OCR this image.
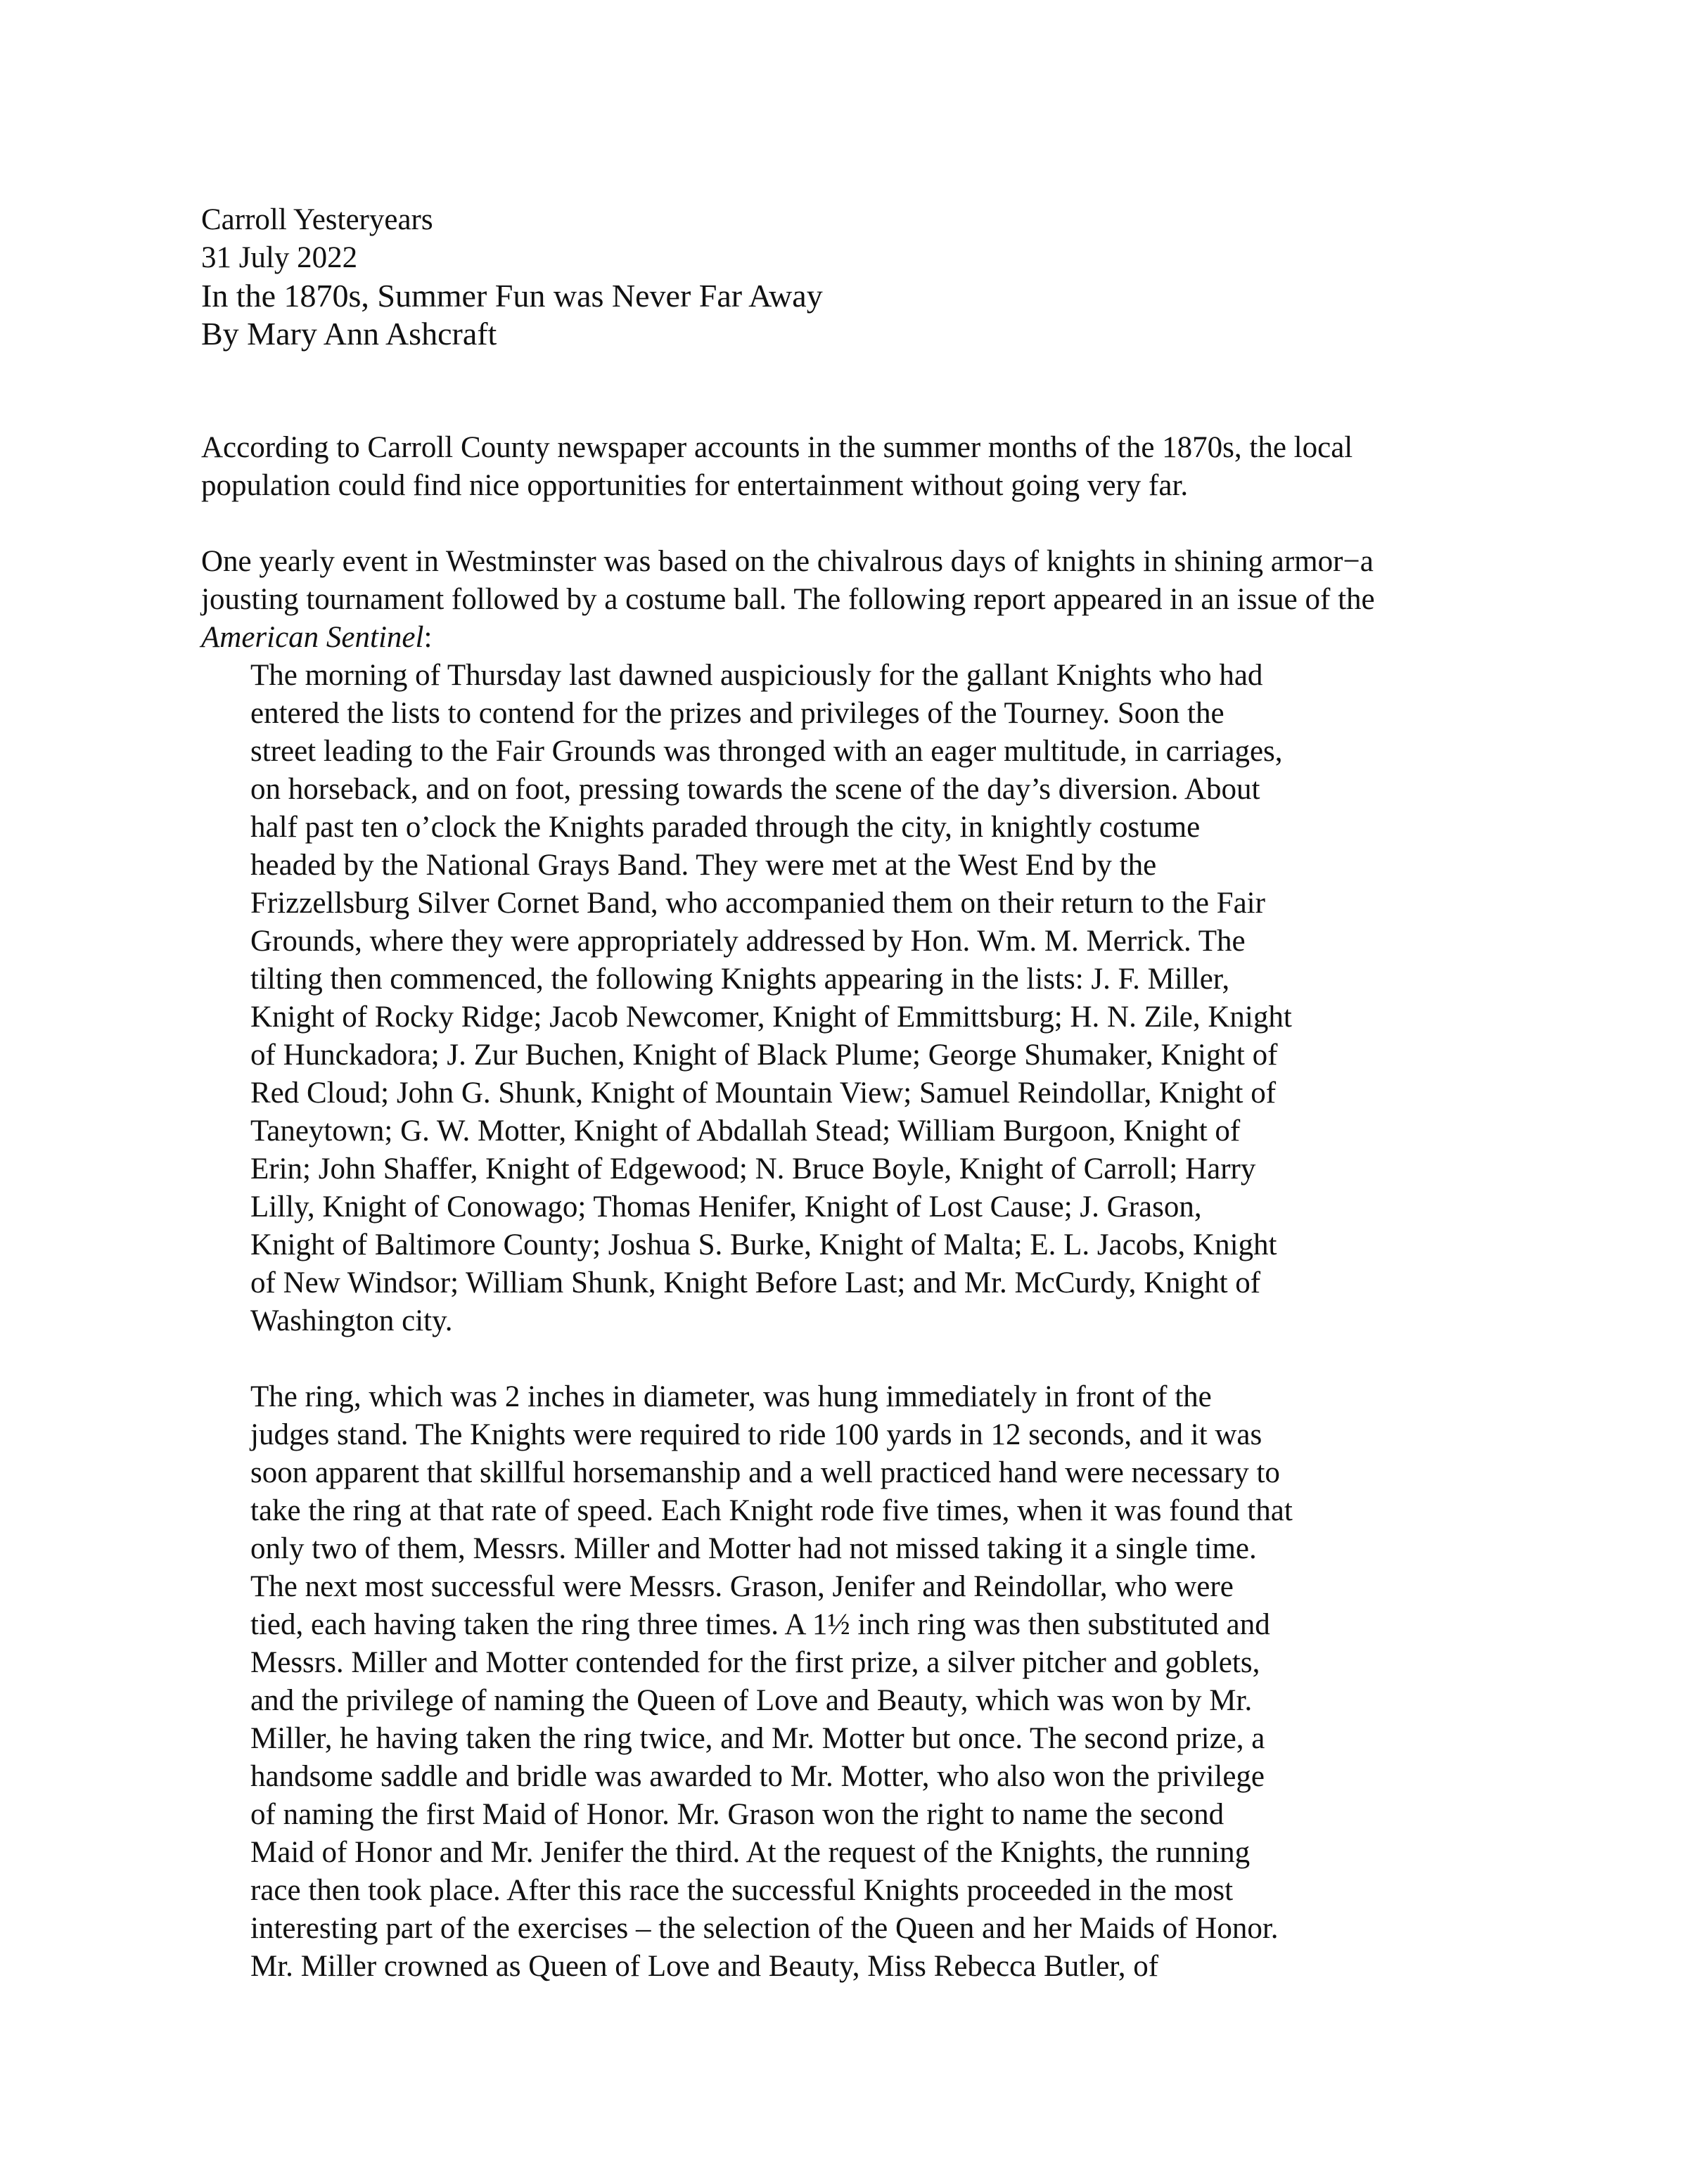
Carroll Yesteryears
31 July 2022
In the 1870s, Summer Fun was Never Far Away
By Mary Ann Ashcraft
According to Carroll County newspaper accounts in the summer months of the 1870s, the local
population could find nice opportunities for entertainment without going very far.
One yearly event in Westminster was based on the chivalrous days of knights in shining armor−a
jousting tournament followed by a costume ball. The following report appeared in an issue of the
American Sentinel:
The morning of Thursday last dawned auspiciously for the gallant Knights who had
entered the lists to contend for the prizes and privileges of the Tourney. Soon the
street leading to the Fair Grounds was thronged with an eager multitude, in carriages,
on horseback, and on foot, pressing towards the scene of the day’s diversion. About
half past ten o’clock the Knights paraded through the city, in knightly costume
headed by the National Grays Band. They were met at the West End by the
Frizzellsburg Silver Cornet Band, who accompanied them on their return to the Fair
Grounds, where they were appropriately addressed by Hon. Wm. M. Merrick. The
tilting then commenced, the following Knights appearing in the lists: J. F. Miller,
Knight of Rocky Ridge; Jacob Newcomer, Knight of Emmittsburg; H. N. Zile, Knight
of Hunckadora; J. Zur Buchen, Knight of Black Plume; George Shumaker, Knight of
Red Cloud; John G. Shunk, Knight of Mountain View; Samuel Reindollar, Knight of
Taneytown; G. W. Motter, Knight of Abdallah Stead; William Burgoon, Knight of
Erin; John Shaffer, Knight of Edgewood; N. Bruce Boyle, Knight of Carroll; Harry
Lilly, Knight of Conowago; Thomas Henifer, Knight of Lost Cause; J. Grason,
Knight of Baltimore County; Joshua S. Burke, Knight of Malta; E. L. Jacobs, Knight
of New Windsor; William Shunk, Knight Before Last; and Mr. McCurdy, Knight of
Washington city.
The ring, which was 2 inches in diameter, was hung immediately in front of the
judges stand. The Knights were required to ride 100 yards in 12 seconds, and it was
soon apparent that skillful horsemanship and a well practiced hand were necessary to
take the ring at that rate of speed. Each Knight rode five times, when it was found that
only two of them, Messrs. Miller and Motter had not missed taking it a single time.
The next most successful were Messrs. Grason, Jenifer and Reindollar, who were
tied, each having taken the ring three times. A 1½ inch ring was then substituted and
Messrs. Miller and Motter contended for the first prize, a silver pitcher and goblets,
and the privilege of naming the Queen of Love and Beauty, which was won by Mr.
Miller, he having taken the ring twice, and Mr. Motter but once. The second prize, a
handsome saddle and bridle was awarded to Mr. Motter, who also won the privilege
of naming the first Maid of Honor. Mr. Grason won the right to name the second
Maid of Honor and Mr. Jenifer the third. At the request of the Knights, the running
race then took place. After this race the successful Knights proceeded in the most
interesting part of the exercises – the selection of the Queen and her Maids of Honor.
Mr. Miller crowned as Queen of Love and Beauty, Miss Rebecca Butler, of
